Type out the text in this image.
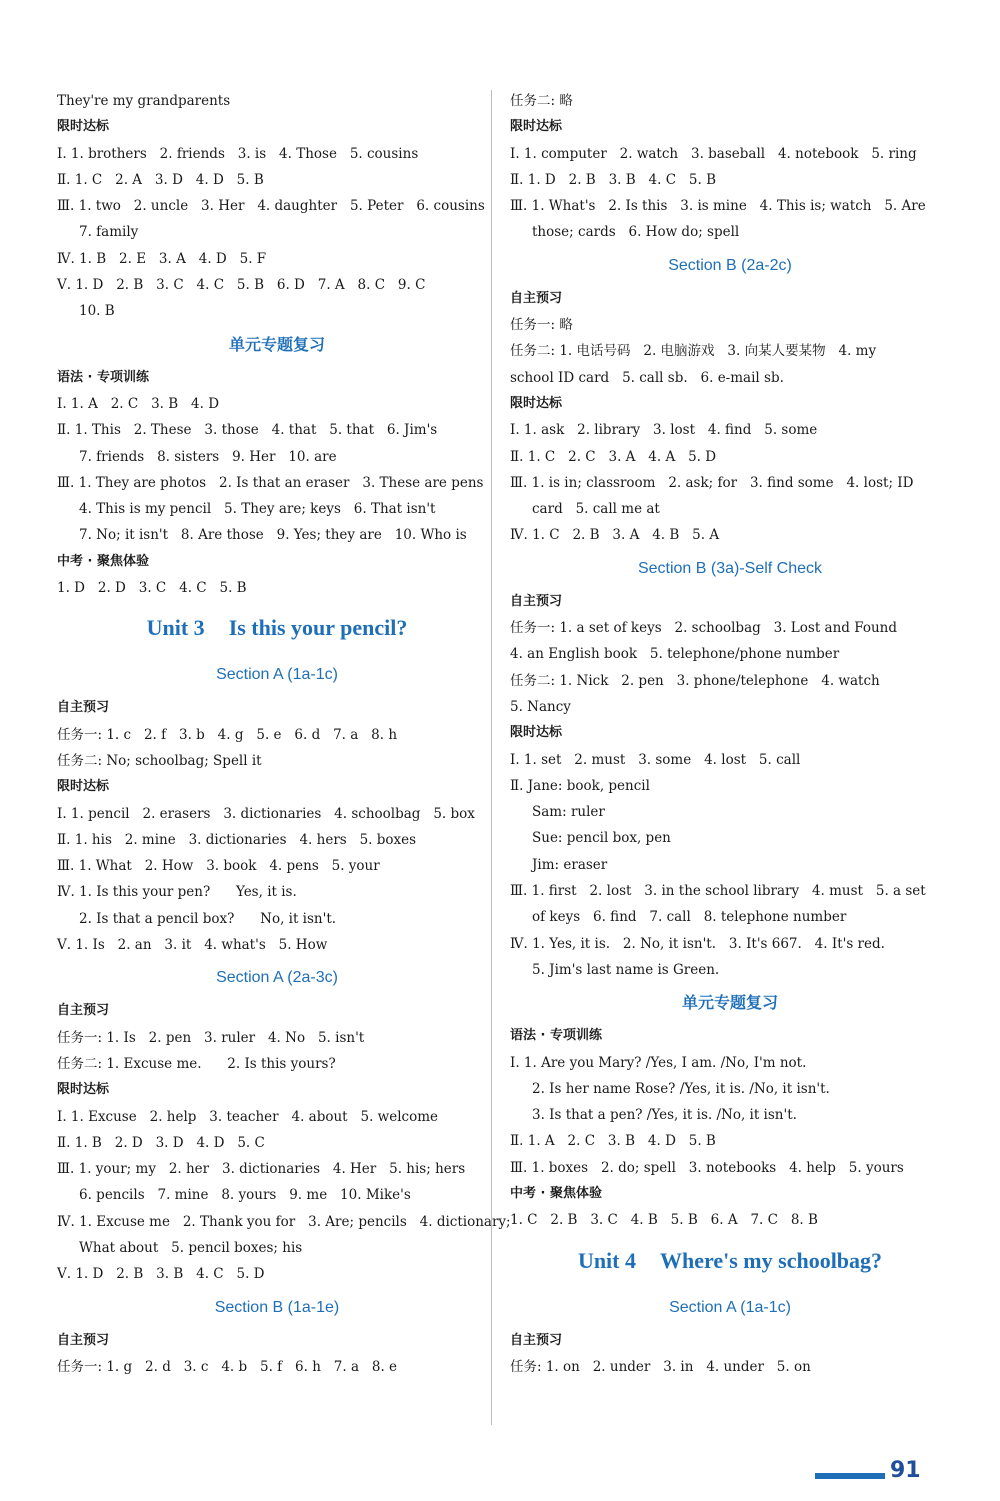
They're my grandparents
限时达标
Ⅰ. 1. brothers   2. friends   3. is   4. Those   5. cousins
Ⅱ. 1. C   2. A   3. D   4. D   5. B
Ⅲ. 1. two   2. uncle   3. Her   4. daughter   5. Peter   6. cousins
7. family
Ⅳ. 1. B   2. E   3. A   4. D   5. F
Ⅴ. 1. D   2. B   3. C   4. C   5. B   6. D   7. A   8. C   9. C
10. B
单元专题复习
语法 · 专项训练
Ⅰ. 1. A   2. C   3. B   4. D
Ⅱ. 1. This   2. These   3. those   4. that   5. that   6. Jim's
7. friends   8. sisters   9. Her   10. are
Ⅲ. 1. They are photos   2. Is that an eraser   3. These are pens
4. This is my pencil   5. They are; keys   6. That isn't
7. No; it isn't   8. Are those   9. Yes; they are   10. Who is
中考 · 聚焦体验
1. D   2. D   3. C   4. C   5. B
Unit 3 Is this your pencil?
Section A (1a-1c)
自主预习
任务一: 1. c   2. f   3. b   4. g   5. e   6. d   7. a   8. h
任务二: No; schoolbag; Spell it
限时达标
Ⅰ. 1. pencil   2. erasers   3. dictionaries   4. schoolbag   5. box
Ⅱ. 1. his   2. mine   3. dictionaries   4. hers   5. boxes
Ⅲ. 1. What   2. How   3. book   4. pens   5. your
Ⅳ. 1. Is this your pen?      Yes, it is.
2. Is that a pencil box?      No, it isn't.
Ⅴ. 1. Is   2. an   3. it   4. what's   5. How
Section A (2a-3c)
自主预习
任务一: 1. Is   2. pen   3. ruler   4. No   5. isn't
任务二: 1. Excuse me.      2. Is this yours?
限时达标
Ⅰ. 1. Excuse   2. help   3. teacher   4. about   5. welcome
Ⅱ. 1. B   2. D   3. D   4. D   5. C
Ⅲ. 1. your; my   2. her   3. dictionaries   4. Her   5. his; hers
6. pencils   7. mine   8. yours   9. me   10. Mike's
Ⅳ. 1. Excuse me   2. Thank you for   3. Are; pencils   4. dictionary;
What about   5. pencil boxes; his
Ⅴ. 1. D   2. B   3. B   4. C   5. D
Section B (1a-1e)
自主预习
任务一: 1. g   2. d   3. c   4. b   5. f   6. h   7. a   8. e
任务二: 略
限时达标
Ⅰ. 1. computer   2. watch   3. baseball   4. notebook   5. ring
Ⅱ. 1. D   2. B   3. B   4. C   5. B
Ⅲ. 1. What's   2. Is this   3. is mine   4. This is; watch   5. Are
those; cards   6. How do; spell
Section B (2a-2c)
自主预习
任务一: 略
任务二: 1. 电话号码   2. 电脑游戏   3. 向某人要某物   4. my
school ID card   5. call sb.   6. e-mail sb.
限时达标
Ⅰ. 1. ask   2. library   3. lost   4. find   5. some
Ⅱ. 1. C   2. C   3. A   4. A   5. D
Ⅲ. 1. is in; classroom   2. ask; for   3. find some   4. lost; ID
card   5. call me at
Ⅳ. 1. C   2. B   3. A   4. B   5. A
Section B (3a)-Self Check
自主预习
任务一: 1. a set of keys   2. schoolbag   3. Lost and Found
4. an English book   5. telephone/phone number
任务二: 1. Nick   2. pen   3. phone/telephone   4. watch
5. Nancy
限时达标
Ⅰ. 1. set   2. must   3. some   4. lost   5. call
Ⅱ. Jane: book, pencil
Sam: ruler
Sue: pencil box, pen
Jim: eraser
Ⅲ. 1. first   2. lost   3. in the school library   4. must   5. a set
of keys   6. find   7. call   8. telephone number
Ⅳ. 1. Yes, it is.   2. No, it isn't.   3. It's 667.   4. It's red.
5. Jim's last name is Green.
单元专题复习
语法 · 专项训练
Ⅰ. 1. Are you Mary? /Yes, I am. /No, I'm not.
2. Is her name Rose? /Yes, it is. /No, it isn't.
3. Is that a pen? /Yes, it is. /No, it isn't.
Ⅱ. 1. A   2. C   3. B   4. D   5. B
Ⅲ. 1. boxes   2. do; spell   3. notebooks   4. help   5. yours
中考 · 聚焦体验
1. C   2. B   3. C   4. B   5. B   6. A   7. C   8. B
Unit 4 Where's my schoolbag?
Section A (1a-1c)
自主预习
任务: 1. on   2. under   3. in   4. under   5. on
91
